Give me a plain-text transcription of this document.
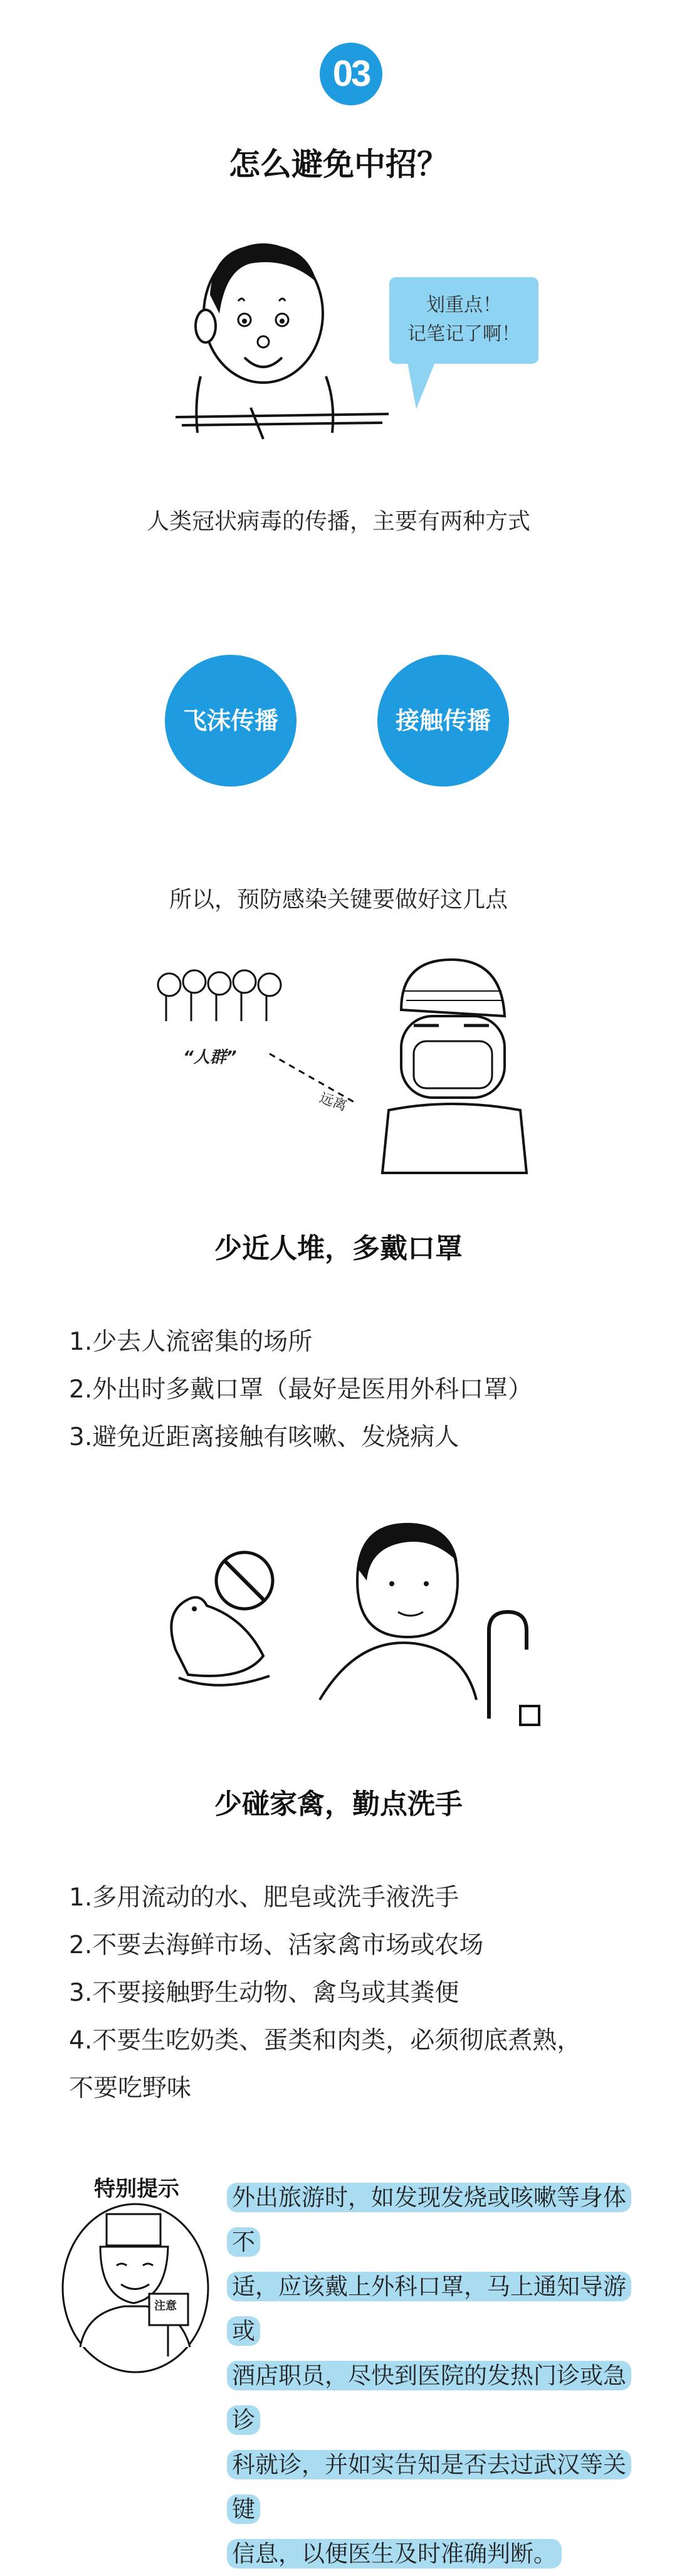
03
怎么避免中招？
划重点！
记笔记了啊！
人类冠状病毒的传播，主要有两种方式
飞沫传播	接触传播
所以，预防感染关键要做好这几点
“人群”
远离
少近人堆，多戴口罩
1.少去人流密集的场所
2.外出时多戴口罩（最好是医用外科口罩）
3.避免近距离接触有咳嗽、发烧病人
少碰家禽，勤点洗手
1.多用流动的水、肥皂或洗手液洗手
2.不要去海鲜市场、活家禽市场或农场
3.不要接触野生动物、禽鸟或其粪便
4.不要生吃奶类、蛋类和肉类，必须彻底煮熟，
不要吃野味
特别提示
注意
外出旅游时，如发现发烧或咳嗽等身体不
适，应该戴上外科口罩，马上通知导游或
酒店职员，尽快到医院的发热门诊或急诊
科就诊，并如实告知是否去过武汉等关键
信息，以便医生及时准确判断。
